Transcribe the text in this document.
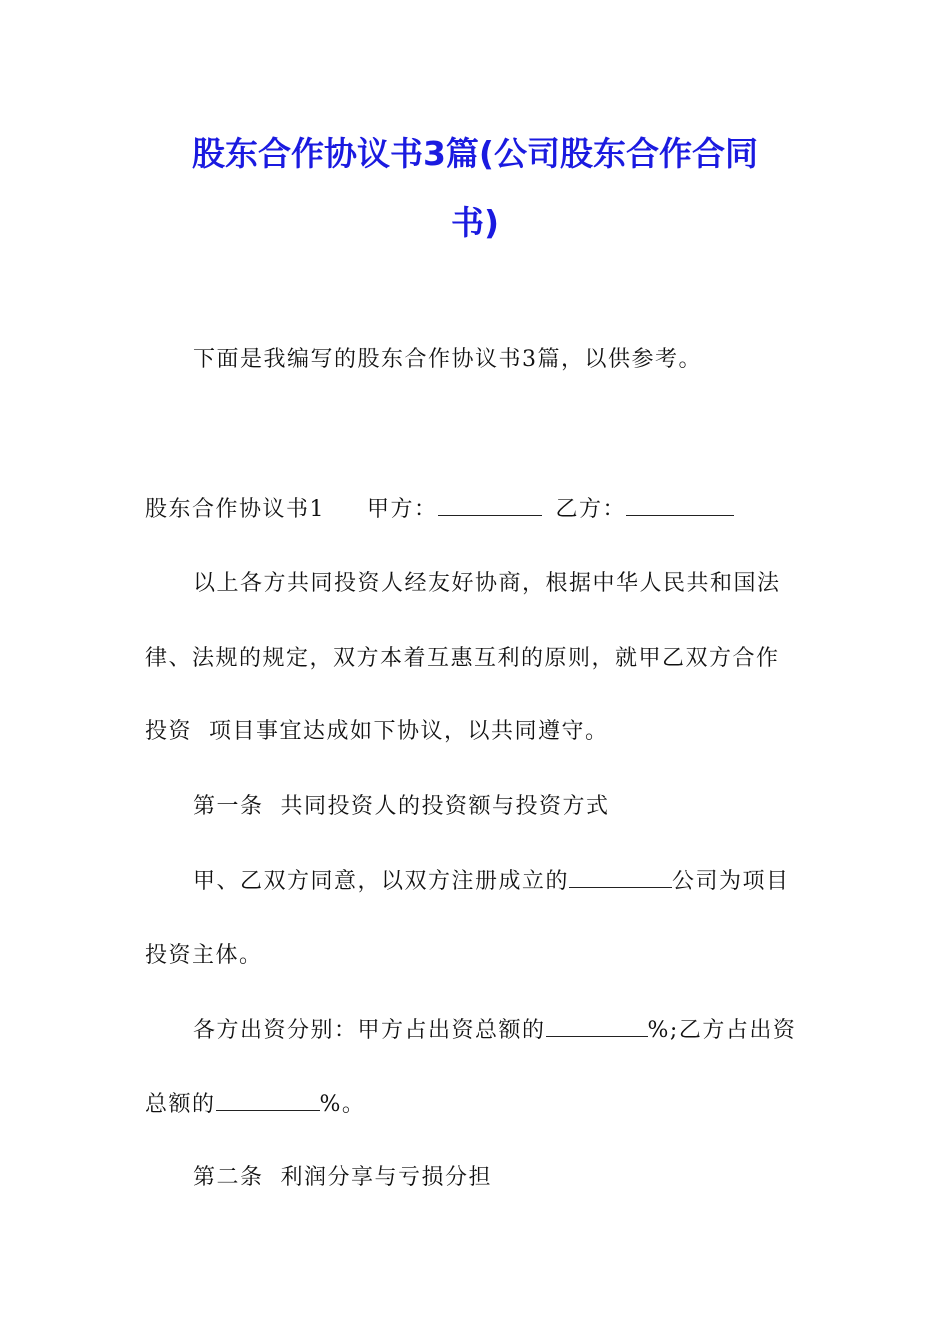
股东合作协议书3篇(公司股东合作合同
书)
下面是我编写的股东合作协议书3篇，以供参考。
股东合作协议书1 甲方：	乙方：
以上各方共同投资人经友好协商，根据中华人民共和国法
律、法规的规定，双方本着互惠互利的原则，就甲乙双方合作
投资  项目事宜达成如下协议，以共同遵守。
第一条  共同投资人的投资额与投资方式
甲、乙双方同意，以双方注册成立的	公司为项目
投资主体。
各方出资分别：甲方占出资总额的	%;乙方占出资
总额的	%。
第二条  利润分享与亏损分担
